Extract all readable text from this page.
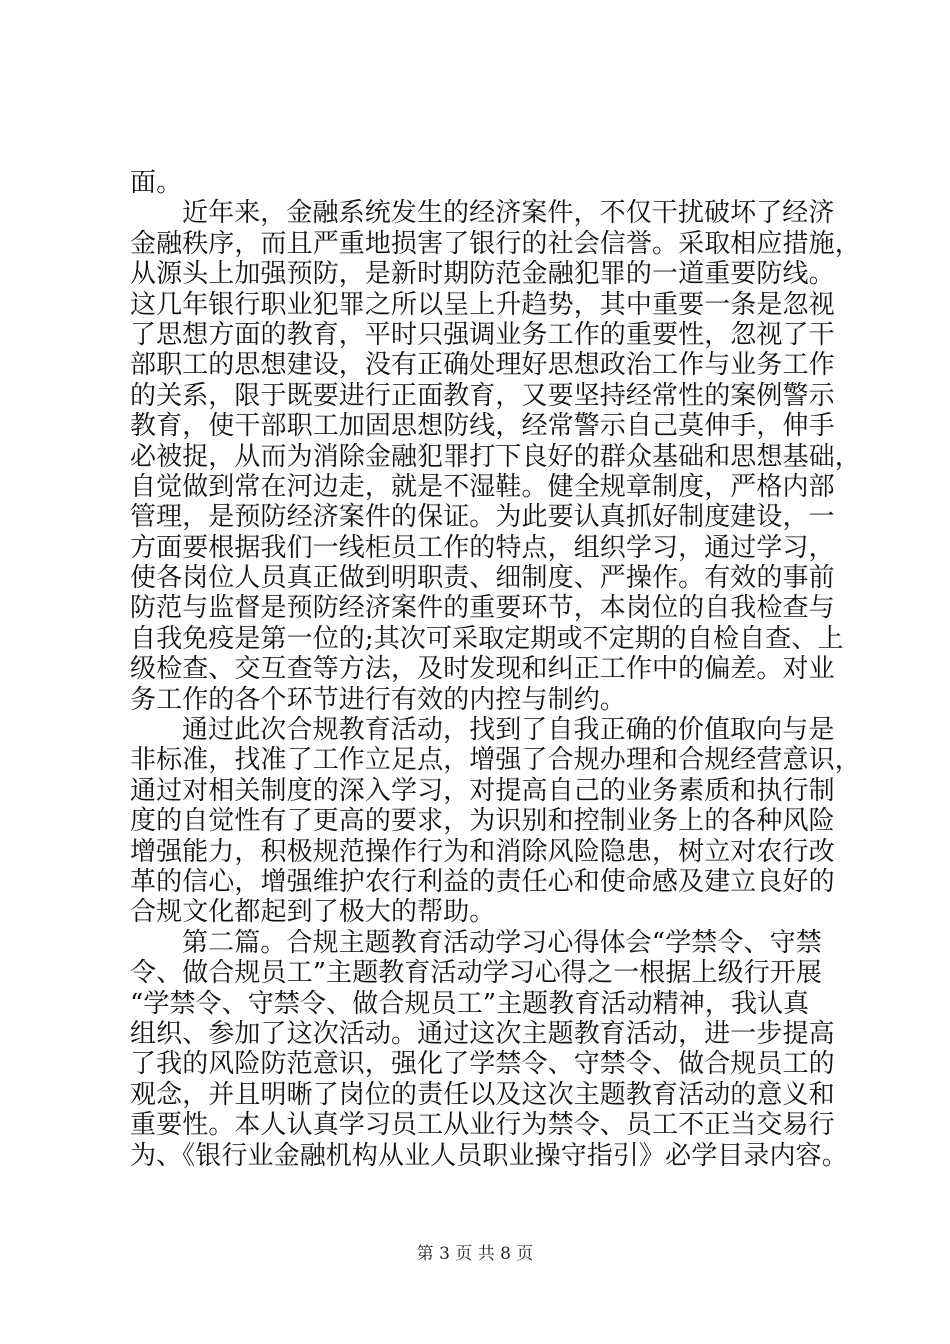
面。
近年来，金融系统发生的经济案件，不仅干扰破坏了经济
金融秩序，而且严重地损害了银行的社会信誉。采取相应措施，
从源头上加强预防，是新时期防范金融犯罪的一道重要防线。
这几年银行职业犯罪之所以呈上升趋势，其中重要一条是忽视
了思想方面的教育，平时只强调业务工作的重要性，忽视了干
部职工的思想建设，没有正确处理好思想政治工作与业务工作
的关系，限于既要进行正面教育，又要坚持经常性的案例警示
教育，使干部职工加固思想防线，经常警示自己莫伸手，伸手
必被捉，从而为消除金融犯罪打下良好的群众基础和思想基础，
自觉做到常在河边走，就是不湿鞋。健全规章制度，严格内部
管理，是预防经济案件的保证。为此要认真抓好制度建设，一
方面要根据我们一线柜员工作的特点，组织学习，通过学习，
使各岗位人员真正做到明职责、细制度、严操作。有效的事前
防范与监督是预防经济案件的重要环节，本岗位的自我检查与
自我免疫是第一位的;其次可采取定期或不定期的自检自查、上
级检查、交互查等方法，及时发现和纠正工作中的偏差。对业
务工作的各个环节进行有效的内控与制约。
通过此次合规教育活动，找到了自我正确的价值取向与是
非标准，找准了工作立足点，增强了合规办理和合规经营意识，
通过对相关制度的深入学习，对提高自己的业务素质和执行制
度的自觉性有了更高的要求，为识别和控制业务上的各种风险
增强能力，积极规范操作行为和消除风险隐患，树立对农行改
革的信心，增强维护农行利益的责任心和使命感及建立良好的
合规文化都起到了极大的帮助。
第二篇。合规主题教育活动学习心得体会“学禁令、守禁
令、做合规员工”主题教育活动学习心得之一根据上级行开展
“学禁令、守禁令、做合规员工”主题教育活动精神，我认真
组织、参加了这次活动。通过这次主题教育活动，进一步提高
了我的风险防范意识，强化了学禁令、守禁令、做合规员工的
观念，并且明晰了岗位的责任以及这次主题教育活动的意义和
重要性。本人认真学习员工从业行为禁令、员工不正当交易行
为、《银行业金融机构从业人员职业操守指引》必学目录内容。
第 3 页 共 8 页
